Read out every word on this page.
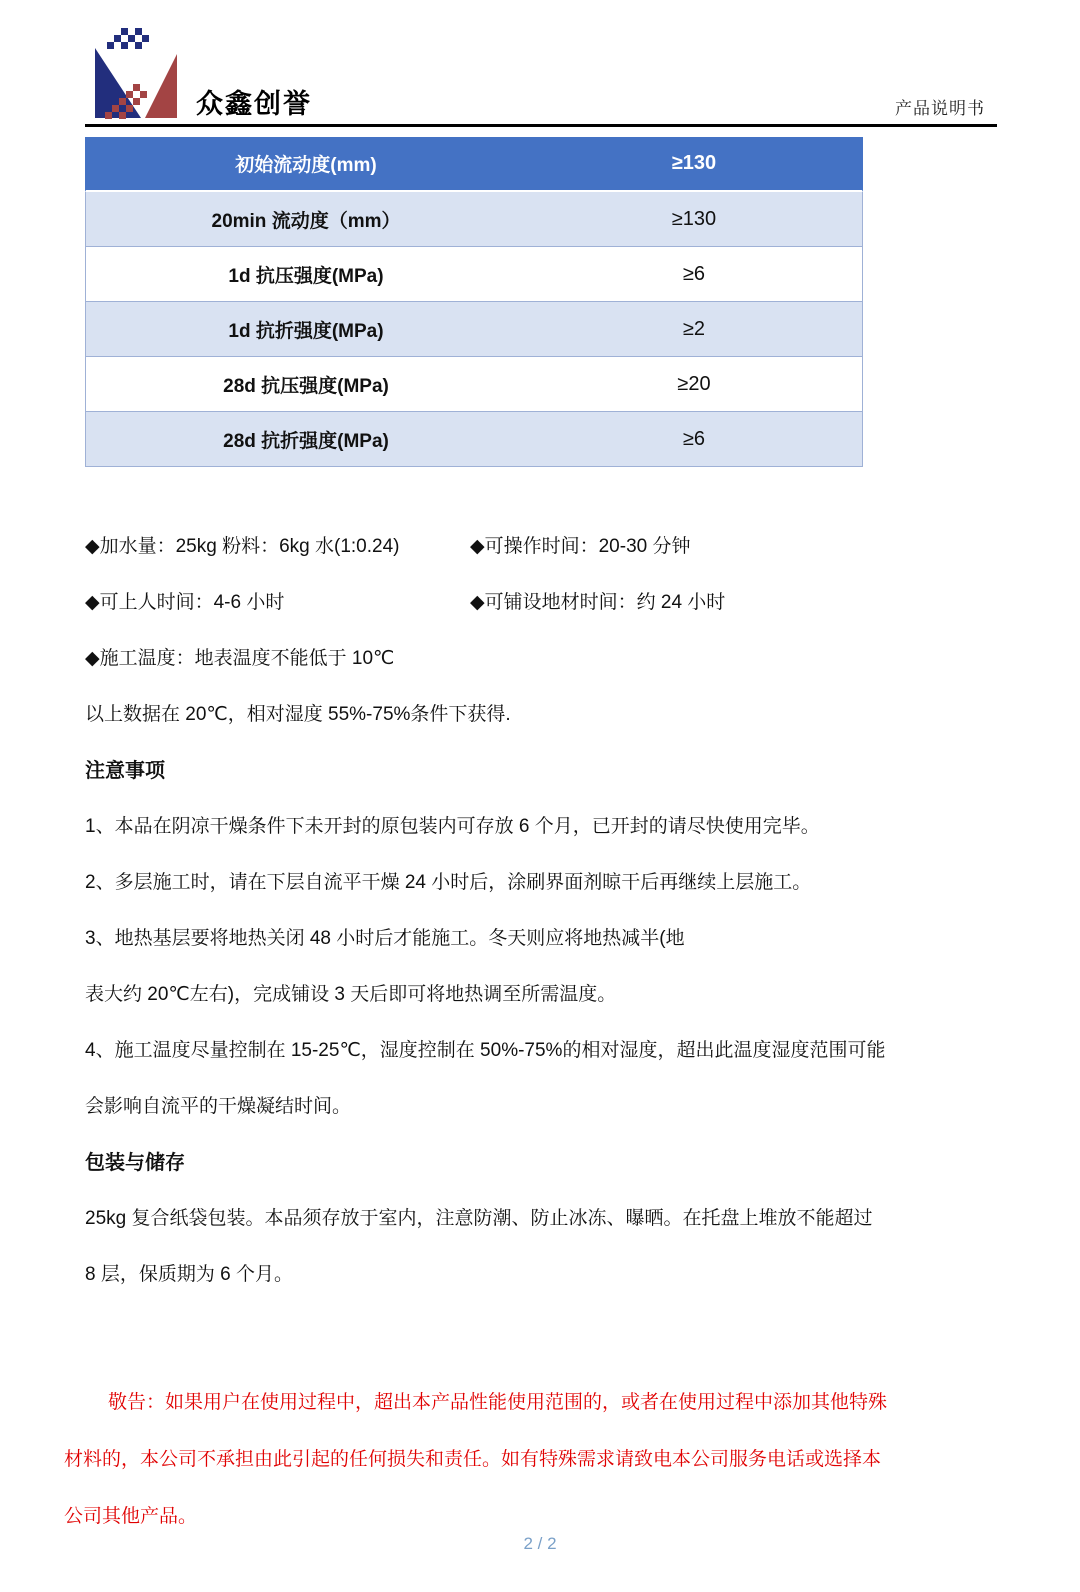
众鑫创誉	产品说明书
初始流动度(mm)	≥130
20min 流动度（mm）	≥130
1d 抗压强度(MPa)	≥6
1d 抗折强度(MPa)	≥2
28d 抗压强度(MPa)	≥20
28d 抗折强度(MPa)	≥6
◆加水量：25kg 粉料：6kg 水(1:0.24)	◆可操作时间：20-30 分钟
◆可上人时间：4-6 小时	◆可铺设地材时间：约 24 小时
◆施工温度：地表温度不能低于 10℃
以上数据在 20℃，相对湿度 55%-75%条件下获得.
注意事项
1、本品在阴凉干燥条件下未开封的原包装内可存放 6 个月，已开封的请尽快使用完毕。
2、多层施工时，请在下层自流平干燥 24 小时后，涂刷界面剂晾干后再继续上层施工。
3、地热基层要将地热关闭 48 小时后才能施工。冬天则应将地热减半(地
表大约 20℃左右)，完成铺设 3 天后即可将地热调至所需温度。
4、施工温度尽量控制在 15-25℃，湿度控制在 50%-75%的相对湿度，超出此温度湿度范围可能
会影响自流平的干燥凝结时间。
包装与储存
25kg 复合纸袋包装。本品须存放于室内，注意防潮、防止冰冻、曝晒。在托盘上堆放不能超过
8 层，保质期为 6 个月。
敬告：如果用户在使用过程中，超出本产品性能使用范围的，或者在使用过程中添加其他特殊
材料的，本公司不承担由此引起的任何损失和责任。如有特殊需求请致电本公司服务电话或选择本
公司其他产品。
2 / 2
